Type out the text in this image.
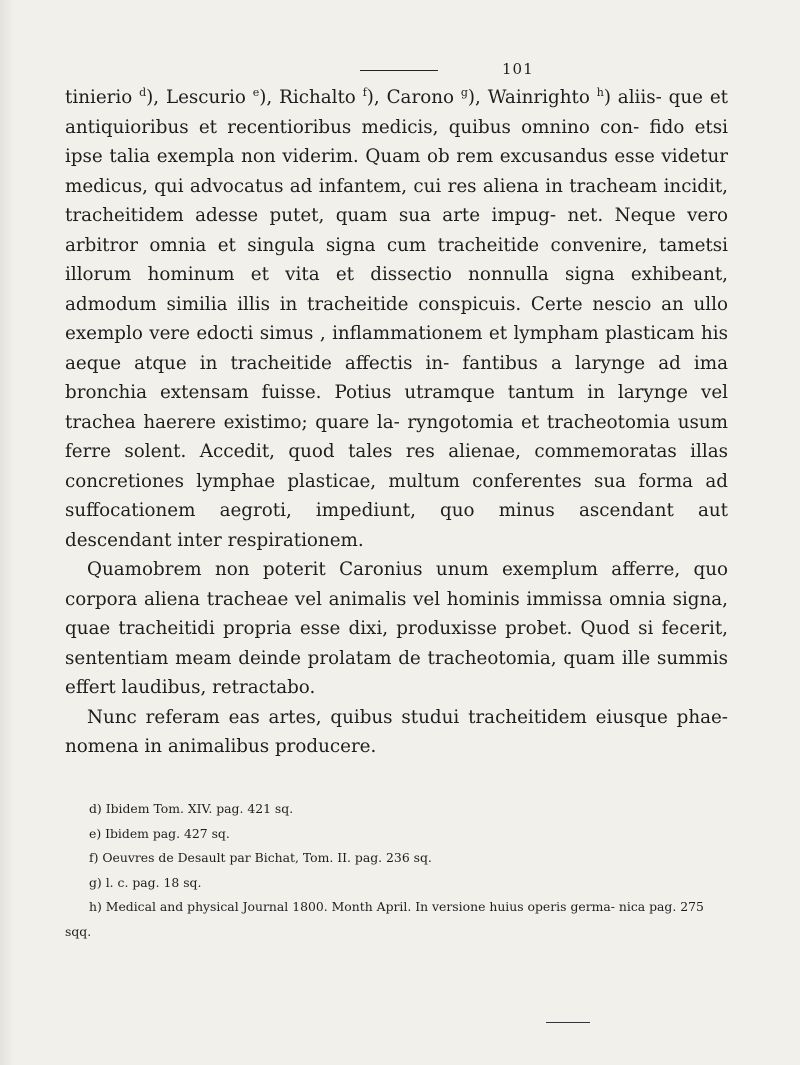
101

tinierio $^d$), Lescurio $^e$), Richalto $^f$), Carono $^g$), Wainrighto $^h$) aliis- que et antiquioribus et recentioribus medicis, quibus omnino con- fido etsi ipse talia exempla non viderim. Quam ob rem excusandus esse videtur medicus, qui advocatus ad infantem, cui res aliena in tracheam incidit, tracheitidem adesse putet, quam sua arte impug- net. Neque vero arbitror omnia et singula signa cum tracheitide convenire, tametsi illorum hominum et vita et dissectio nonnulla signa exhibeant, admodum similia illis in tracheitide conspicuis. Certe nescio an ullo exemplo vere edocti simus , inflammationem et lympham plasticam his aeque atque in tracheitide affectis in- fantibus a larynge ad ima bronchia extensam fuisse. Potius utramque tantum in larynge vel trachea haerere existimo; quare la- ryngotomia et tracheotomia usum ferre solent. Accedit, quod tales res alienae, commemoratas illas concretiones lymphae plasticae, multum conferentes sua forma ad suffocationem aegroti, impediunt, quo minus ascendant aut descendant inter respirationem.

Quamobrem non poterit Caronius unum exemplum afferre, quo corpora aliena tracheae vel animalis vel hominis immissa omnia signa, quae tracheitidi propria esse dixi, produxisse probet. Quod si fecerit, sententiam meam deinde prolatam de tracheotomia, quam ille summis effert laudibus, retractabo.

Nunc referam eas artes, quibus studui tracheitidem eiusque phae- nomena in animalibus producere.

d) Ibidem Tom. XIV. pag. 421 sq.

e) Ibidem pag. 427 sq.

f) Oeuvres de Desault par Bichat, Tom. II. pag. 236 sq.

g) l. c. pag. 18 sq.

h) Medical and physical Journal 1800. Month April. In versione huius operis germa- nica pag. 275 sqq.
